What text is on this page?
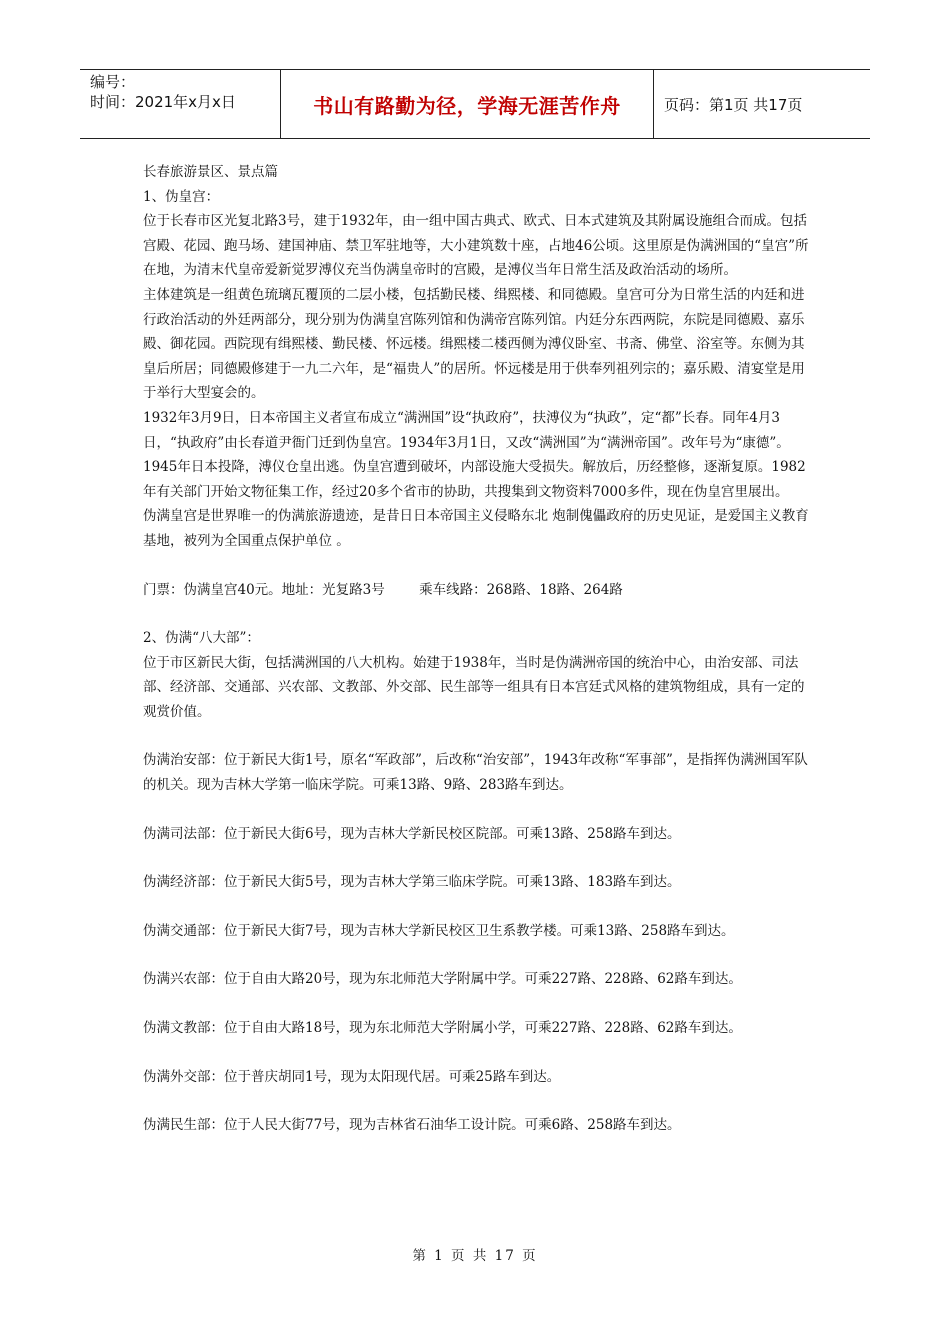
编号：
时间：2021年x月x日	书山有路勤为径，学海无涯苦作舟	页码：第1页 共17页

长春旅游景区、景点篇

1、伪皇宫：

位于长春市区光复北路3号，建于1932年，由一组中国古典式、欧式、日本式建筑及其附属设施组合而成。包括宫殿、花园、跑马场、建国神庙、禁卫军驻地等，大小建筑数十座，占地46公顷。这里原是伪满洲国的“皇宫”所在地，为清末代皇帝爱新觉罗溥仪充当伪满皇帝时的宫殿，是溥仪当年日常生活及政治活动的场所。

主体建筑是一组黄色琉璃瓦覆顶的二层小楼，包括勤民楼、缉熙楼、和同德殿。皇宫可分为日常生活的内廷和进行政治活动的外廷两部分，现分别为伪满皇宫陈列馆和伪满帝宫陈列馆。内廷分东西两院，东院是同德殿、嘉乐殿、御花园。西院现有缉熙楼、勤民楼、怀远楼。缉熙楼二楼西侧为溥仪卧室、书斋、佛堂、浴室等。东侧为其皇后所居；同德殿修建于一九二六年，是“福贵人”的居所。怀远楼是用于供奉列祖列宗的；嘉乐殿、清宴堂是用于举行大型宴会的。

1932年3月9日，日本帝国主义者宣布成立“满洲国”设“执政府”，扶溥仪为“执政”，定“都”长春。同年4月3日，“执政府”由长春道尹衙门迁到伪皇宫。1934年3月1日，又改“满洲国”为“满洲帝国”。改年号为“康德”。 1945年日本投降，溥仪仓皇出逃。伪皇宫遭到破坏，内部设施大受损失。解放后，历经整修，逐渐复原。1982年有关部门开始文物征集工作，经过20多个省市的协助，共搜集到文物资料7000多件，现在伪皇宫里展出。

伪满皇宫是世界唯一的伪满旅游遗迹，是昔日日本帝国主义侵略东北 炮制傀儡政府的历史见证，是爱国主义教育基地，被列为全国重点保护单位 。

门票：伪满皇宫40元。地址：光复路3号        乘车线路：268路、18路、264路

2、伪满“八大部”：

位于市区新民大街，包括满洲国的八大机构。始建于1938年，当时是伪满洲帝国的统治中心，由治安部、司法部、经济部、交通部、兴农部、文教部、外交部、民生部等一组具有日本宫廷式风格的建筑物组成，具有一定的观赏价值。

伪满治安部：位于新民大街1号，原名“军政部”，后改称“治安部”，1943年改称“军事部”，是指挥伪满洲国军队的机关。现为吉林大学第一临床学院。可乘13路、9路、283路车到达。

伪满司法部：位于新民大街6号，现为吉林大学新民校区院部。可乘13路、258路车到达。

伪满经济部：位于新民大街5号，现为吉林大学第三临床学院。可乘13路、183路车到达。

伪满交通部：位于新民大街7号，现为吉林大学新民校区卫生系教学楼。可乘13路、258路车到达。

伪满兴农部：位于自由大路20号，现为东北师范大学附属中学。可乘227路、228路、62路车到达。

伪满文教部：位于自由大路18号，现为东北师范大学附属小学，可乘227路、228路、62路车到达。

伪满外交部：位于普庆胡同1号，现为太阳现代居。可乘25路车到达。

伪满民生部：位于人民大街77号，现为吉林省石油华工设计院。可乘6路、258路车到达。

第 1 页 共 17 页
